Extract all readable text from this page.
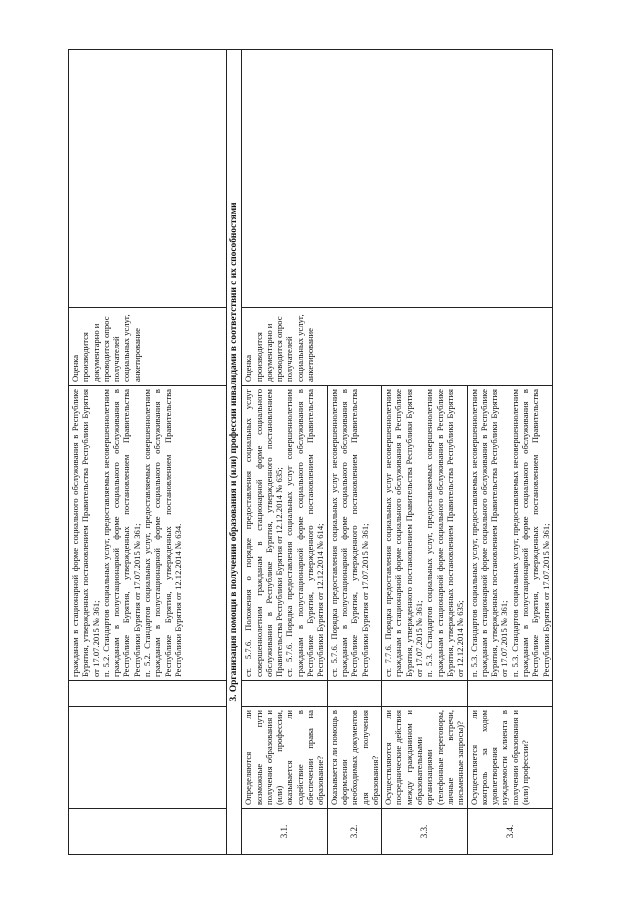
			гражданам в стационарной форме социального обслуживания в Республике Бурятия, утвержденных постановлением Правительства Республики Бурятия от 17.07.2015 № 361; п. 5.2. Стандартов социальных услуг, предоставляемых несовершеннолетним гражданам в полустационарной форме социального обслуживания в Республике Бурятия, утвержденных постановлением Правительства Республики Бурятия от 17.07.2015 № 361; п. 5.2. Стандартов социальных услуг, предоставляемых совершеннолетним гражданам в полустационарной форме социального обслуживания в Республике Бурятия, утвержденных постановлением Правительства Республики Бурятия от 12.12.2014 № 634.	Оценка производится документарно и проводится опрос получателей социальных услуг, анкетирование	
3. Организация помощи в получении образования и (или) профессии инвалидами в соответствии с их способностями					
3.1.	Определяются ли возможные пути получения образования и (или) профессии, оказывается ли содействие в обеспечении права на образование?		ст. 5.7.6. Положения о порядке предоставления социальных услуг совершеннолетним гражданам в стационарной форме социального обслуживания в Республике Бурятия, утвержденного постановлением Правительства Республики Бурятия от 12.12.2014 № 635; ст. 5.7.6. Порядка предоставления социальных услуг совершеннолетним гражданам в полустационарной форме социального обслуживания в Республике Бурятия, утвержденного постановлением Правительства Республики Бурятия от 12.12.2014 № 614;	Оценка производится документарно и проводится опрос получателей социальных услуг, анкетирование	
3.2.	Оказывается ли помощь в оформлении необходимых документов для получения образования?		ст. 5.7.6. Порядка предоставления социальных услуг несовершеннолетним гражданам в полустационарной форме социального обслуживания в Республике Бурятия, утвержденного постановлением Правительства Республики Бурятия от 17.07.2015 № 361;		

3.3.	Осуществляются ли посреднические действия между гражданином и образовательными организациями (телефонные переговоры, личные встречи, письменные запросы)?		ст. 7.7.6. Порядка предоставления социальных услуг несовершеннолетним гражданам в стационарной форме социального обслуживания в Республике Бурятия, утвержденного постановлением Правительства Республики Бурятия от 17.07.2015 № 361; п. 5.3. Стандартов социальных услуг, предоставляемых совершеннолетним гражданам в стационарной форме социального обслуживания в Республике Бурятия, утвержденных постановлением Правительства Республики Бурятия от 12.12.2014 № 635;		

3.4.	Осуществляется ли контроль за ходом удовлетворения нуждаемости клиента в получении образования и (или) профессии?		п. 5.3. Стандартов социальных услуг, предоставляемых несовершеннолетним гражданам в стационарной форме социального обслуживания в Республике Бурятия, утвержденных постановлением Правительства Республики Бурятия от 17.07.2015 № 361; п. 5.3. Стандартов социальных услуг, предоставляемых несовершеннолетним гражданам в полустационарной форме социального обслуживания в Республике Бурятия, утвержденных постановлением Правительства Республики Бурятия от 17.07.2015 № 361;		
